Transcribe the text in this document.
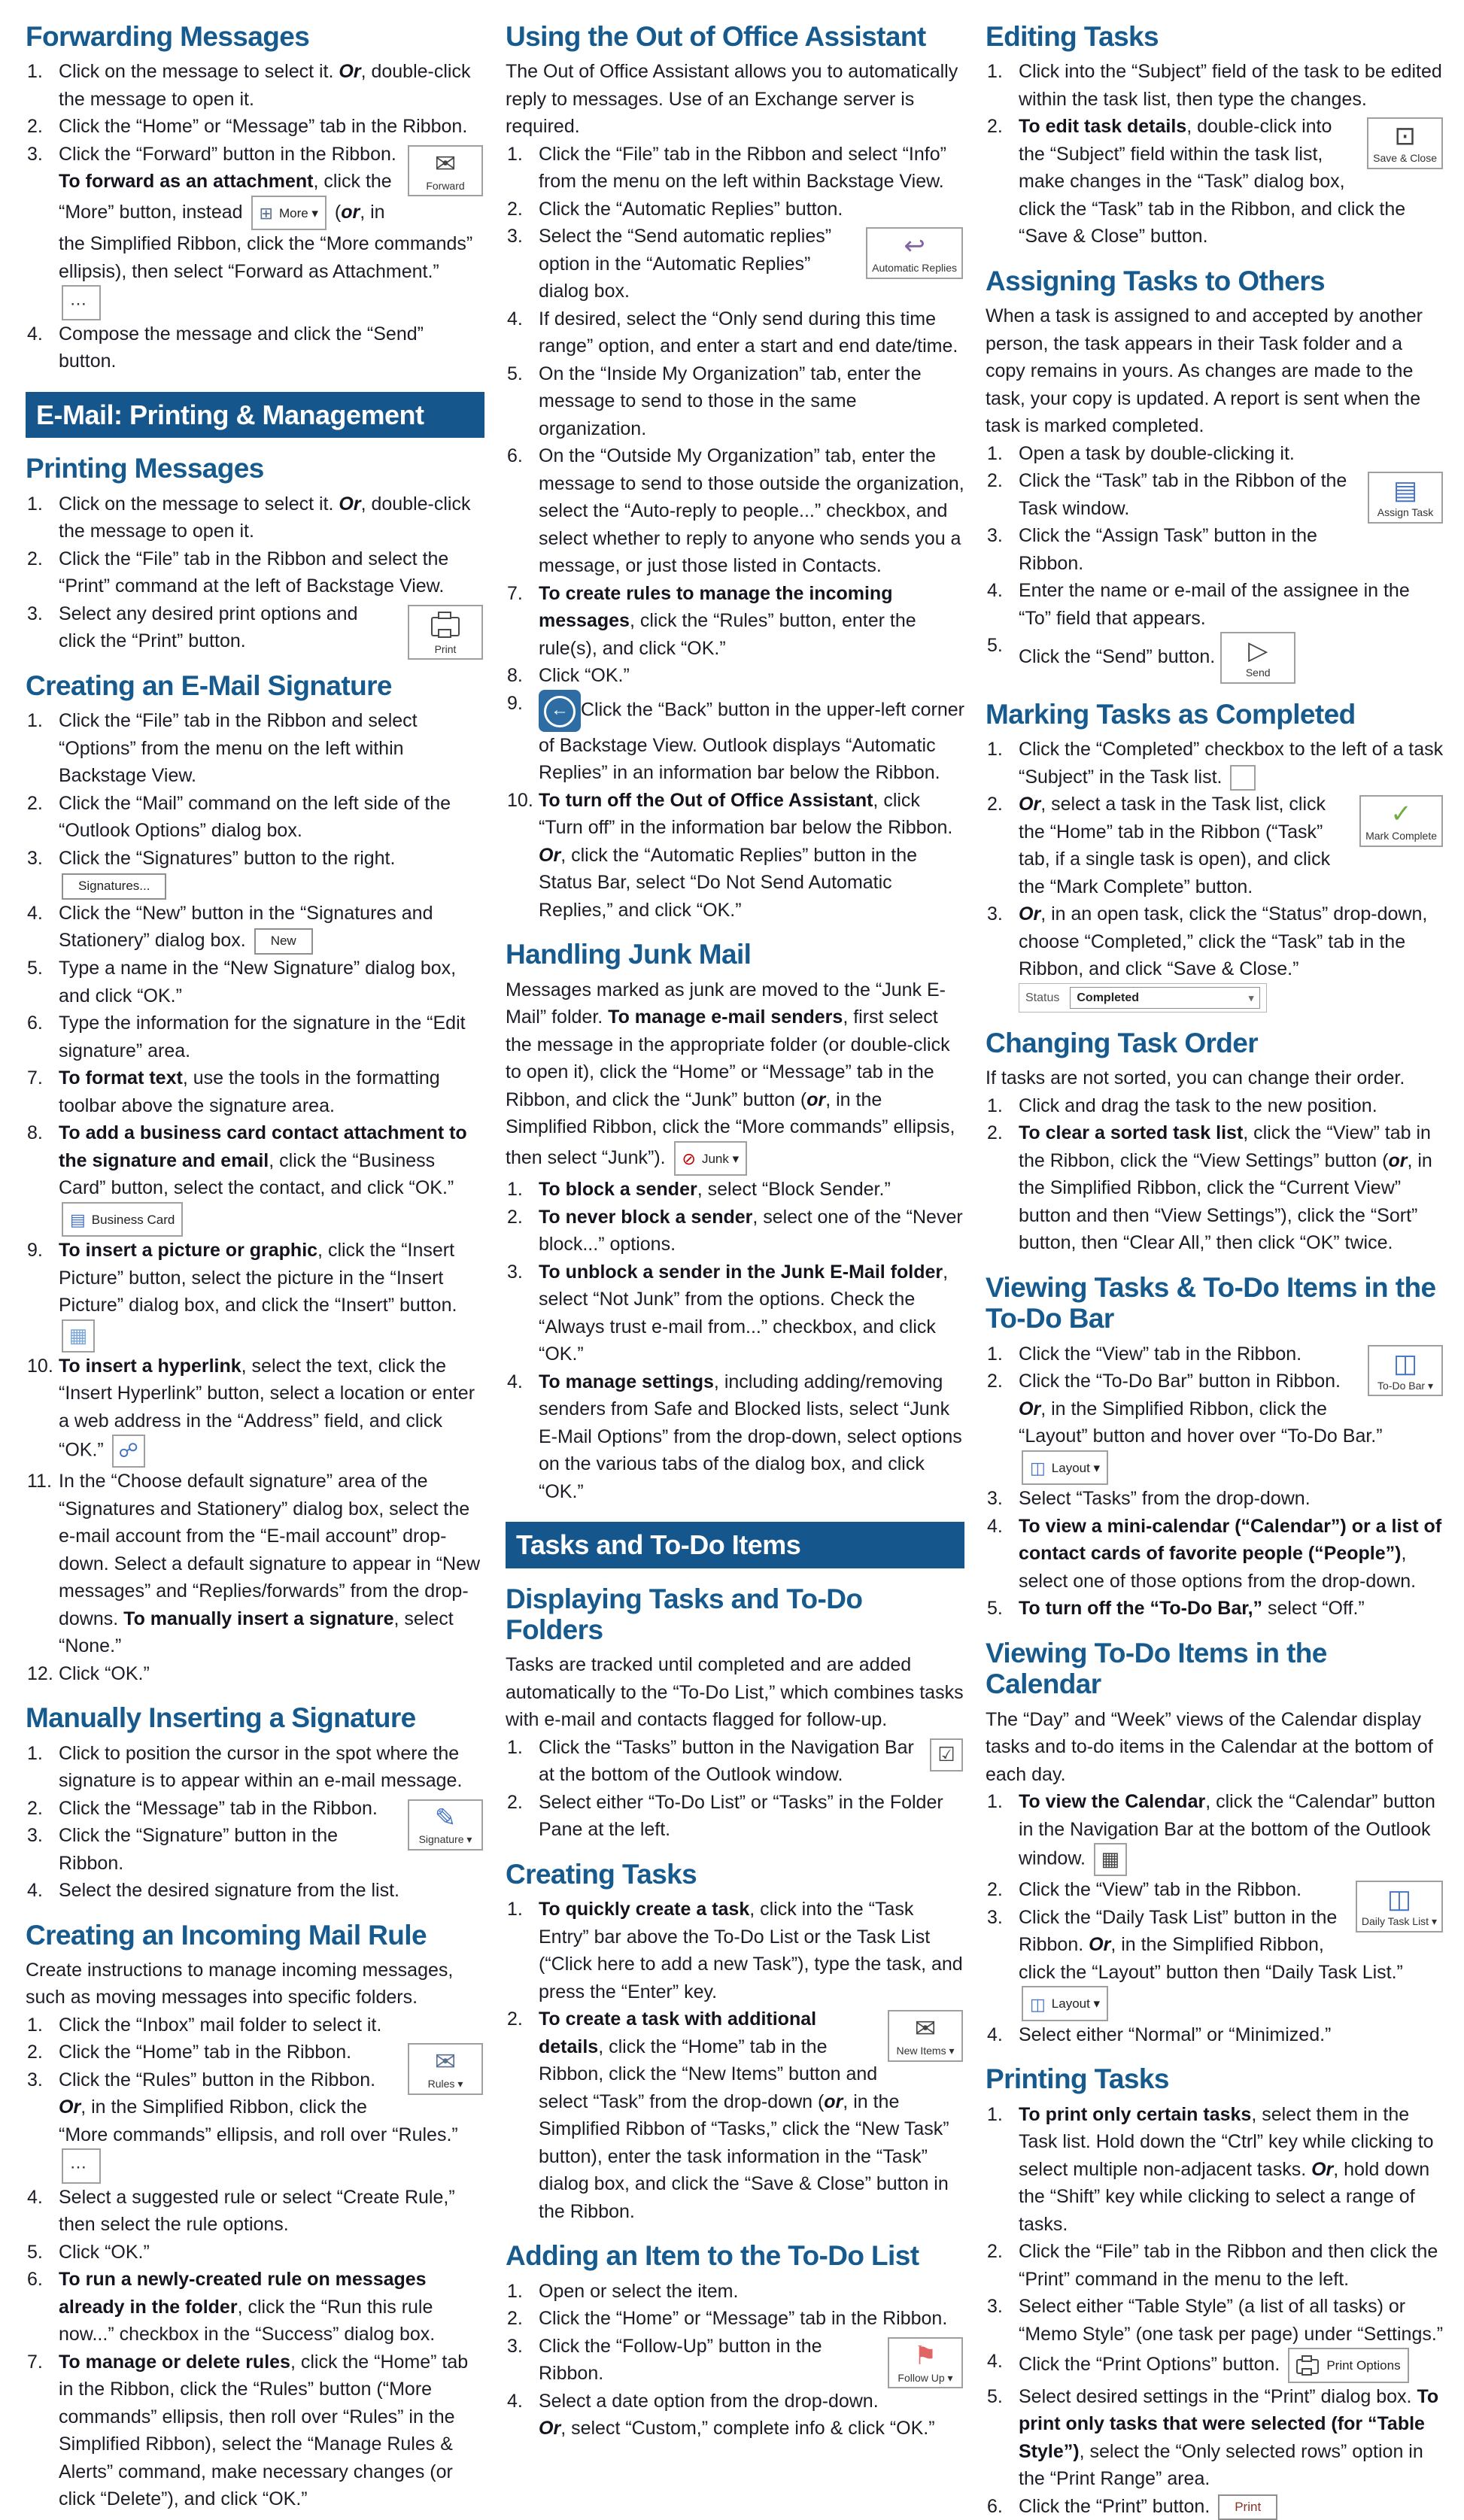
Forwarding Messages
Click on the message to select it. Or, double-click the message to open it.
Click the “Home” or “Message” tab in the Ribbon.
✉
Forward
Click the “Forward” button in the Ribbon. To forward as an attachment, click the “More” button, instead ⊞ More ▾ (or, in the Simplified Ribbon, click the “More commands” ellipsis), then select “Forward as Attachment.” ⋯
Compose the message and click the “Send” button.
E-Mail: Printing & Management
Printing Messages
Click on the message to select it. Or, double-click the message to open it.
Click the “File” tab in the Ribbon and select the “Print” command at the left of Backstage View.
Print
Select any desired print options and click the “Print” button.
Creating an E-Mail Signature
Click the “File” tab in the Ribbon and select “Options” from the menu on the left within Backstage View.
Click the “Mail” command on the left side of the “Outlook Options” dialog box.
Click the “Signatures” button to the right. Signatures...
Click the “New” button in the “Signatures and Stationery” dialog box. New
Type a name in the “New Signature” dialog box, and click “OK.”
Type the information for the signature in the “Edit signature” area.
To format text, use the tools in the formatting toolbar above the signature area.
To add a business card contact attachment to the signature and email, click the “Business Card” button, select the contact, and click “OK.” ▤ Business Card
To insert a picture or graphic, click the “Insert Picture” button, select the picture in the “Insert Picture” dialog box, and click the “Insert” button. ▦
To insert a hyperlink, select the text, click the “Insert Hyperlink” button, select a location or enter a web address in the “Address” field, and click “OK.” ☍
In the “Choose default signature” area of the “Signatures and Stationery” dialog box, select the e-mail account from the “E-mail account” drop-down. Select a default signature to appear in “New messages” and “Replies/forwards” from the drop-downs. To manually insert a signature, select “None.”
Click “OK.”
Manually Inserting a Signature
Click to position the cursor in the spot where the signature is to appear within an e-mail message.
✎
Signature ▾
Click the “Message” tab in the Ribbon.
Click the “Signature” button in the Ribbon.
Select the desired signature from the list.
Creating an Incoming Mail Rule

Create instructions to manage incoming messages, such as moving messages into specific folders.

Click the “Inbox” mail folder to select it.
✉
Rules ▾
Click the “Home” tab in the Ribbon.
Click the “Rules” button in the Ribbon. Or, in the Simplified Ribbon, click the “More commands” ellipsis, and roll over “Rules.” ⋯
Select a suggested rule or select “Create Rule,” then select the rule options.
Click “OK.”
To run a newly-created rule on messages already in the folder, click the “Run this rule now...” checkbox in the “Success” dialog box.
To manage or delete rules, click the “Home” tab in the Ribbon, click the “Rules” button (“More commands” ellipsis, then roll over “Rules” in the Simplified Ribbon), select the “Manage Rules & Alerts” command, make necessary changes (or click “Delete”), and click “OK.”
Using the Out of Office Assistant

The Out of Office Assistant allows you to automatically reply to messages. Use of an Exchange server is required.

Click the “File” tab in the Ribbon and select “Info” from the menu on the left within Backstage View.
Click the “Automatic Replies” button.
↩
Automatic Replies
Select the “Send automatic replies” option in the “Automatic Replies” dialog box.
If desired, select the “Only send during this time range” option, and enter a start and end date/time.
On the “Inside My Organization” tab, enter the message to send to those in the same organization.
On the “Outside My Organization” tab, enter the message to send to those outside the organization, select the “Auto-reply to people...” checkbox, and select whether to reply to anyone who sends you a message, or just those listed in Contacts.
To create rules to manage the incoming messages, click the “Rules” button, enter the rule(s), and click “OK.”
Click “OK.”
← Click the “Back” button in the upper-left corner of Backstage View. Outlook displays “Automatic Replies” in an information bar below the Ribbon.
To turn off the Out of Office Assistant, click “Turn off” in the information bar below the Ribbon. Or, click the “Automatic Replies” button in the Status Bar, select “Do Not Send Automatic Replies,” and click “OK.”
Handling Junk Mail

Messages marked as junk are moved to the “Junk E-Mail” folder. To manage e-mail senders, first select the message in the appropriate folder (or double-click to open it), click the “Home” or “Message” tab in the Ribbon, and click the “Junk” button (or, in the Simplified Ribbon, click the “More commands” ellipsis, then select “Junk”). ⊘ Junk ▾

To block a sender, select “Block Sender.”
To never block a sender, select one of the “Never block...” options.
To unblock a sender in the Junk E-Mail folder, select “Not Junk” from the options. Check the “Always trust e-mail from...” checkbox, and click “OK.”
To manage settings, including adding/removing senders from Safe and Blocked lists, select “Junk E-Mail Options” from the drop-down, select options on the various tabs of the dialog box, and click “OK.”
Tasks and To-Do Items
Displaying Tasks and To-Do Folders

Tasks are tracked until completed and are added automatically to the “To-Do List,” which combines tasks with e-mail and contacts flagged for follow-up.

☑
Click the “Tasks” button in the Navigation Bar at the bottom of the Outlook window.
Select either “To-Do List” or “Tasks” in the Folder Pane at the left.
Creating Tasks
To quickly create a task, click into the “Task Entry” bar above the To-Do List or the Task List (“Click here to add a new Task”), type the task, and press the “Enter” key.
✉
New Items ▾
To create a task with additional details, click the “Home” tab in the Ribbon, click the “New Items” button and select “Task” from the drop-down (or, in the Simplified Ribbon of “Tasks,” click the “New Task” button), enter the task information in the “Task” dialog box, and click the “Save & Close” button in the Ribbon.
Adding an Item to the To-Do List
Open or select the item.
Click the “Home” or “Message” tab in the Ribbon.
⚑
Follow Up ▾
Click the “Follow-Up” button in the Ribbon.
Select a date option from the drop-down. Or, select “Custom,” complete info & click “OK.”
Editing Tasks
Click into the “Subject” field of the task to be edited within the task list, then type the changes.
⊡
Save & Close
To edit task details, double-click into the “Subject” field within the task list, make changes in the “Task” dialog box, click the “Task” tab in the Ribbon, and click the “Save & Close” button.
Assigning Tasks to Others

When a task is assigned to and accepted by another person, the task appears in their Task folder and a copy remains in yours. As changes are made to the task, your copy is updated. A report is sent when the task is marked completed.

Open a task by double-clicking it.
▤
Assign Task
Click the “Task” tab in the Ribbon of the Task window.
Click the “Assign Task” button in the Ribbon.
Enter the name or e-mail of the assignee in the “To” field that appears.
Click the “Send” button.	▷
Send
Marking Tasks as Completed
Click the “Completed” checkbox to the left of a task “Subject” in the Task list.
✓
Mark Complete
Or, select a task in the Task list, click the “Home” tab in the Ribbon (“Task” tab, if a single task is open), and click the “Mark Complete” button.
Or, in an open task, click the “Status” drop-down, choose “Completed,” click the “Task” tab in the Ribbon, and click “Save & Close.” Status Completed	▾
Changing Task Order

If tasks are not sorted, you can change their order.

Click and drag the task to the new position.
To clear a sorted task list, click the “View” tab in the Ribbon, click the “View Settings” button (or, in the Simplified Ribbon, click the “Current View” button and then “View Settings”), click the “Sort” button, then “Clear All,” then click “OK” twice.
Viewing Tasks & To-Do Items in the To-Do Bar
◫
To-Do Bar ▾
Click the “View” tab in the Ribbon.
Click the “To-Do Bar” button in Ribbon. Or, in the Simplified Ribbon, click the “Layout” button and hover over “To-Do Bar.” ◫ Layout ▾
Select “Tasks” from the drop-down.
To view a mini-calendar (“Calendar”) or a list of contact cards of favorite people (“People”), select one of those options from the drop-down.
To turn off the “To-Do Bar,” select “Off.”
Viewing To-Do Items in the Calendar

The “Day” and “Week” views of the Calendar display tasks and to-do items in the Calendar at the bottom of each day.

To view the Calendar, click the “Calendar” button in the Navigation Bar at the bottom of the Outlook window. ▦
◫
Daily Task List ▾
Click the “View” tab in the Ribbon.
Click the “Daily Task List” button in the Ribbon. Or, in the Simplified Ribbon, click the “Layout” button then “Daily Task List.” ◫ Layout ▾
Select either “Normal” or “Minimized.”
Printing Tasks
To print only certain tasks, select them in the Task list. Hold down the “Ctrl” key while clicking to select multiple non-adjacent tasks. Or, hold down the “Shift” key while clicking to select a range of tasks.
Click the “File” tab in the Ribbon and then click the “Print” command in the menu to the left.
Select either “Table Style” (a list of all tasks) or “Memo Style” (one task per page) under “Settings.”
Click the “Print Options” button.	Print Options
Select desired settings in the “Print” dialog box. To print only tasks that were selected (for “Table Style”), select the “Only selected rows” option in the “Print Range” area.
Click the “Print” button. Print
